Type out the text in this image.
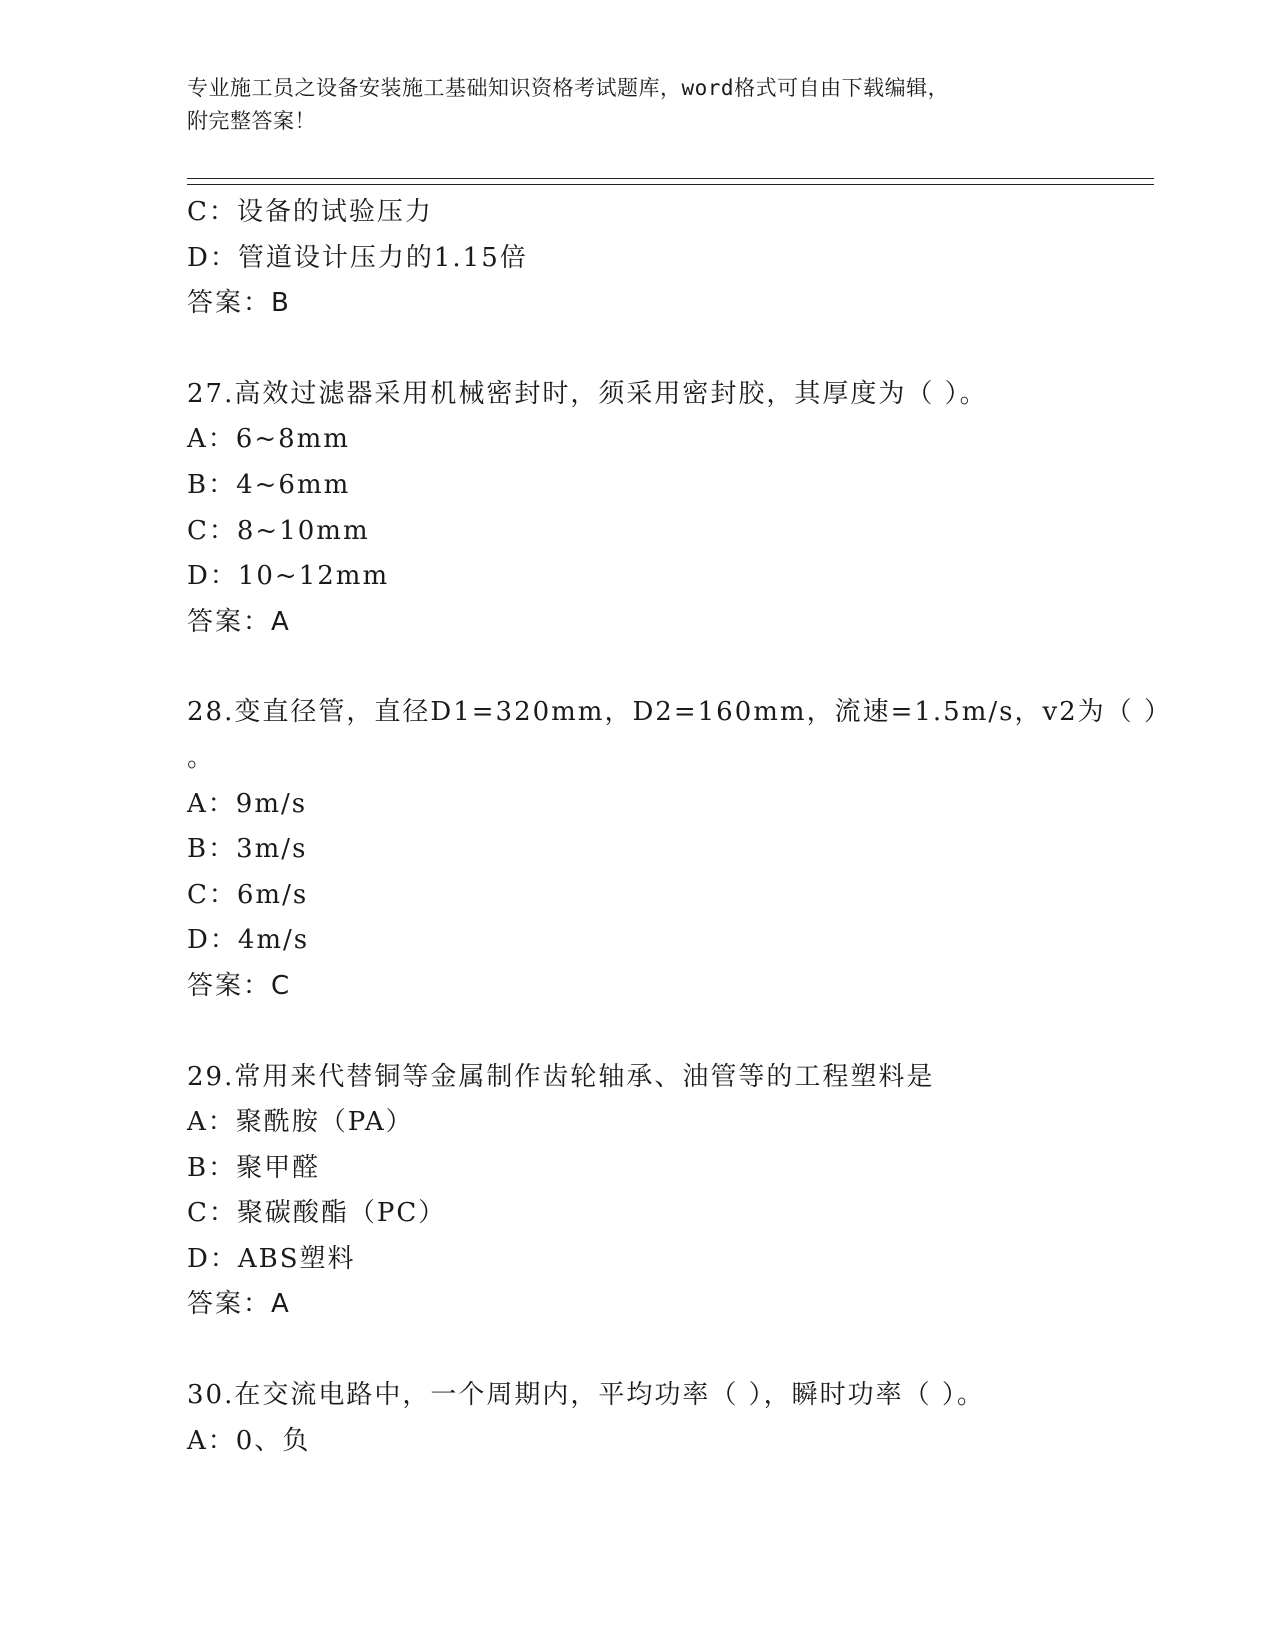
专业施工员之设备安装施工基础知识资格考试题库，word格式可自由下载编辑，
附完整答案！
C：设备的试验压力
D：管道设计压力的1.15倍
答案：B
27.高效过滤器采用机械密封时，须采用密封胶，其厚度为（ ）。
A：6~8mm
B：4~6mm
C：8~10mm
D：10~12mm
答案：A
28.变直径管，直径D1=320mm，D2=160mm，流速=1.5m/s，v2为（ ）
。
A：9m/s
B：3m/s
C：6m/s
D：4m/s
答案：C
29.常用来代替铜等金属制作齿轮轴承、油管等的工程塑料是
A：聚酰胺（PA）
B：聚甲醛
C：聚碳酸酯（PC）
D：ABS塑料
答案：A
30.在交流电路中，一个周期内，平均功率（ ），瞬时功率（ ）。
A：0、负
